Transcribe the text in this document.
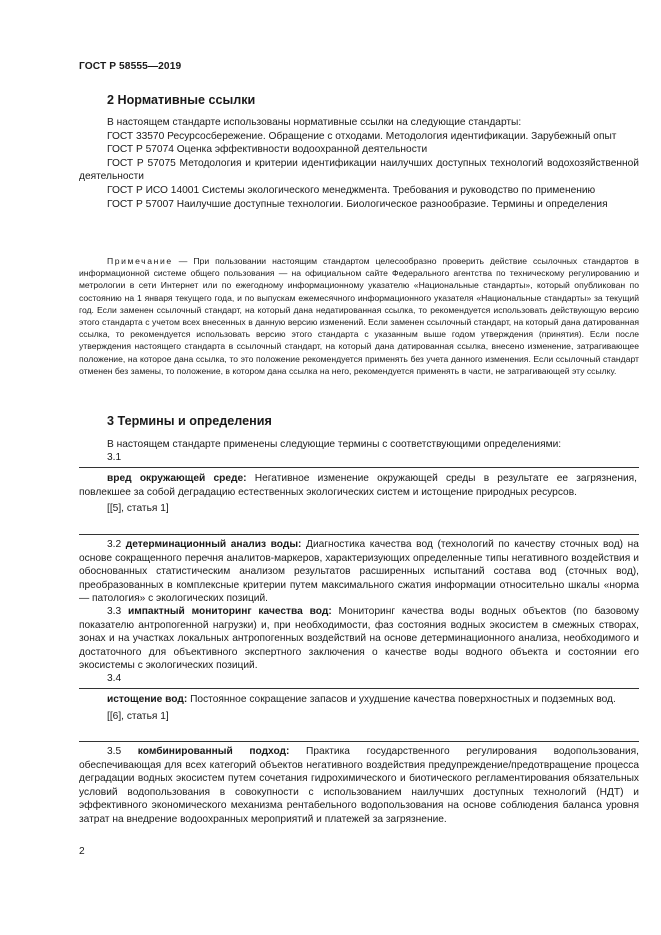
ГОСТ Р 58555—2019
2 Нормативные ссылки

В настоящем стандарте использованы нормативные ссылки на следующие стандарты:

ГОСТ 33570 Ресурсосбережение. Обращение с отходами. Методология идентификации. Зарубежный опыт

ГОСТ Р 57074 Оценка эффективности водоохранной деятельности

ГОСТ Р 57075 Методология и критерии идентификации наилучших доступных технологий водохозяйственной деятельности

ГОСТ Р ИСО 14001 Системы экологического менеджмента. Требования и руководство по применению

ГОСТ Р 57007 Наилучшие доступные технологии. Биологическое разнообразие. Термины и определения

Примечание — При пользовании настоящим стандартом целесообразно проверить действие ссылочных стандартов в информационной системе общего пользования — на официальном сайте Федерального агентства по техническому регулированию и метрологии в сети Интернет или по ежегодному информационному указателю «Национальные стандарты», который опубликован по состоянию на 1 января текущего года, и по выпускам ежемесячного информационного указателя «Национальные стандарты» за текущий год. Если заменен ссылочный стандарт, на который дана недатированная ссылка, то рекомендуется использовать действующую версию этого стандарта с учетом всех внесенных в данную версию изменений. Если заменен ссылочный стандарт, на который дана датированная ссылка, то рекомендуется использовать версию этого стандарта с указанным выше годом утверждения (принятия). Если после утверждения настоящего стандарта в ссылочный стандарт, на который дана датированная ссылка, внесено изменение, затрагивающее положение, на которое дана ссылка, то это положение рекомендуется применять без учета данного изменения. Если ссылочный стандарт отменен без замены, то положение, в котором дана ссылка на него, рекомендуется применять в части, не затрагивающей эту ссылку.

3 Термины и определения

В настоящем стандарте применены следующие термины с соответствующими определениями:

3.1

вред окружающей среде: Негативное изменение окружающей среды в результате ее загрязнения, повлекшее за собой деградацию естественных экологических систем и истощение природных ресурсов.

[[5], статья 1]

3.2 детерминационный анализ воды: Диагностика качества вод (технологий по качеству сточных вод) на основе сокращенного перечня аналитов-маркеров, характеризующих определенные типы негативного воздействия и обоснованных статистическим анализом результатов расширенных испытаний состава вод (сточных вод), преобразованных в комплексные критерии путем максимального сжатия информации относительно шкалы «норма — патология» с экологических позиций.

3.3 импактный мониторинг качества вод: Мониторинг качества воды водных объектов (по базовому показателю антропогенной нагрузки) и, при необходимости, фаз состояния водных экосистем в смежных створах, зонах и на участках локальных антропогенных воздействий на основе детерминационного анализа, необходимого и достаточного для объективного экспертного заключения о качестве воды водного объекта и состоянии его экосистемы с экологических позиций.

3.4

истощение вод: Постоянное сокращение запасов и ухудшение качества поверхностных и подземных вод.

[[6], статья 1]

3.5 комбинированный подход: Практика государственного регулирования водопользования, обеспечивающая для всех категорий объектов негативного воздействия предупреждение/предотвращение процесса деградации водных экосистем путем сочетания гидрохимического и биотического регламентирования обязательных условий водопользования в совокупности с использованием наилучших доступных технологий (НДТ) и эффективного экономического механизма рентабельного водопользования на основе соблюдения баланса уровня затрат на внедрение водоохранных мероприятий и платежей за загрязнение.

2
